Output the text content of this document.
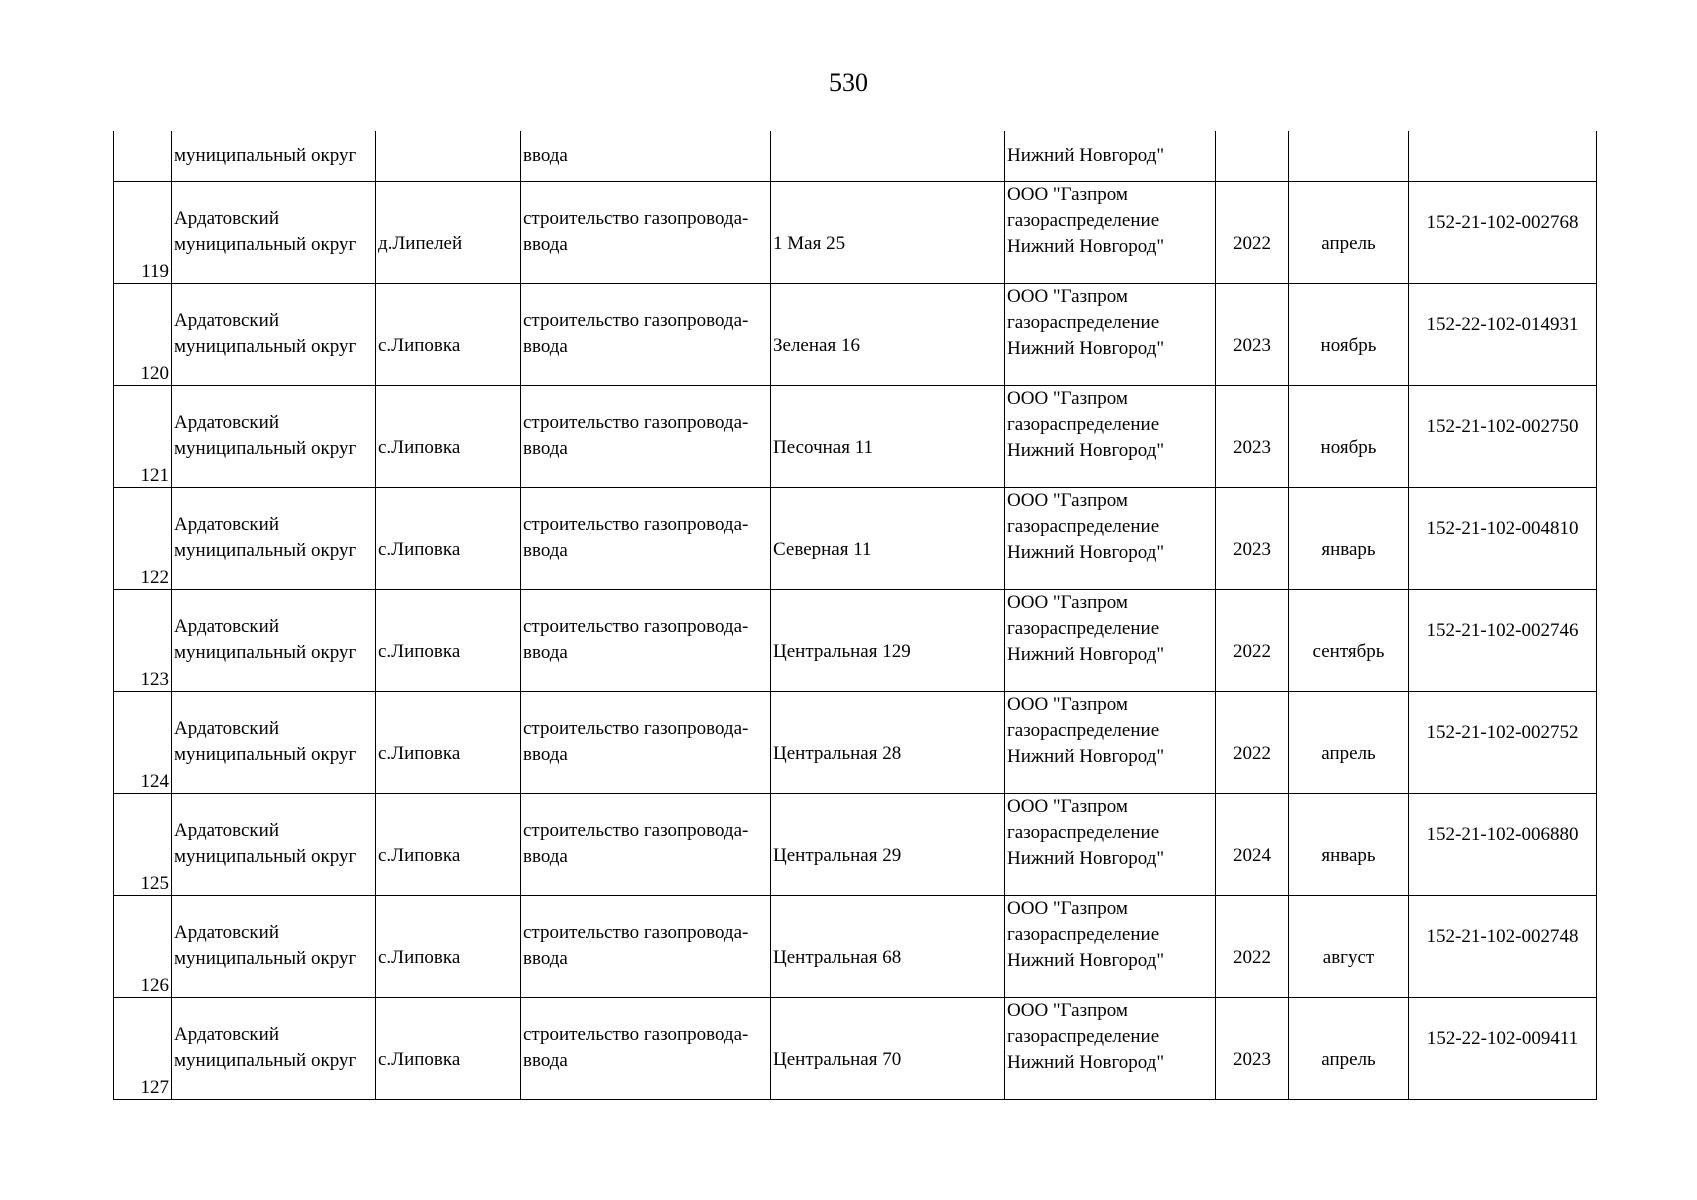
530

	муниципальный округ		ввода		Нижний Новгород"			

119	Ардатовский
муниципальный округ	д.Липелей	строительство газопровода-
ввода	1 Мая 25	ООО "Газпром
газораспределение
Нижний Новгород"	2022	апрель	152-21-102-002768

120	Ардатовский
муниципальный округ	с.Липовка	строительство газопровода-
ввода	Зеленая 16	ООО "Газпром
газораспределение
Нижний Новгород"	2023	ноябрь	152-22-102-014931

121	Ардатовский
муниципальный округ	с.Липовка	строительство газопровода-
ввода	Песочная 11	ООО "Газпром
газораспределение
Нижний Новгород"	2023	ноябрь	152-21-102-002750

122	Ардатовский
муниципальный округ	с.Липовка	строительство газопровода-
ввода	Северная 11	ООО "Газпром
газораспределение
Нижний Новгород"	2023	январь	152-21-102-004810

123	Ардатовский
муниципальный округ	с.Липовка	строительство газопровода-
ввода	Центральная 129	ООО "Газпром
газораспределение
Нижний Новгород"	2022	сентябрь	152-21-102-002746

124	Ардатовский
муниципальный округ	с.Липовка	строительство газопровода-
ввода	Центральная 28	ООО "Газпром
газораспределение
Нижний Новгород"	2022	апрель	152-21-102-002752

125	Ардатовский
муниципальный округ	с.Липовка	строительство газопровода-
ввода	Центральная 29	ООО "Газпром
газораспределение
Нижний Новгород"	2024	январь	152-21-102-006880

126	Ардатовский
муниципальный округ	с.Липовка	строительство газопровода-
ввода	Центральная 68	ООО "Газпром
газораспределение
Нижний Новгород"	2022	август	152-21-102-002748

127	Ардатовский
муниципальный округ	с.Липовка	строительство газопровода-
ввода	Центральная 70	ООО "Газпром
газораспределение
Нижний Новгород"	2023	апрель	152-22-102-009411
